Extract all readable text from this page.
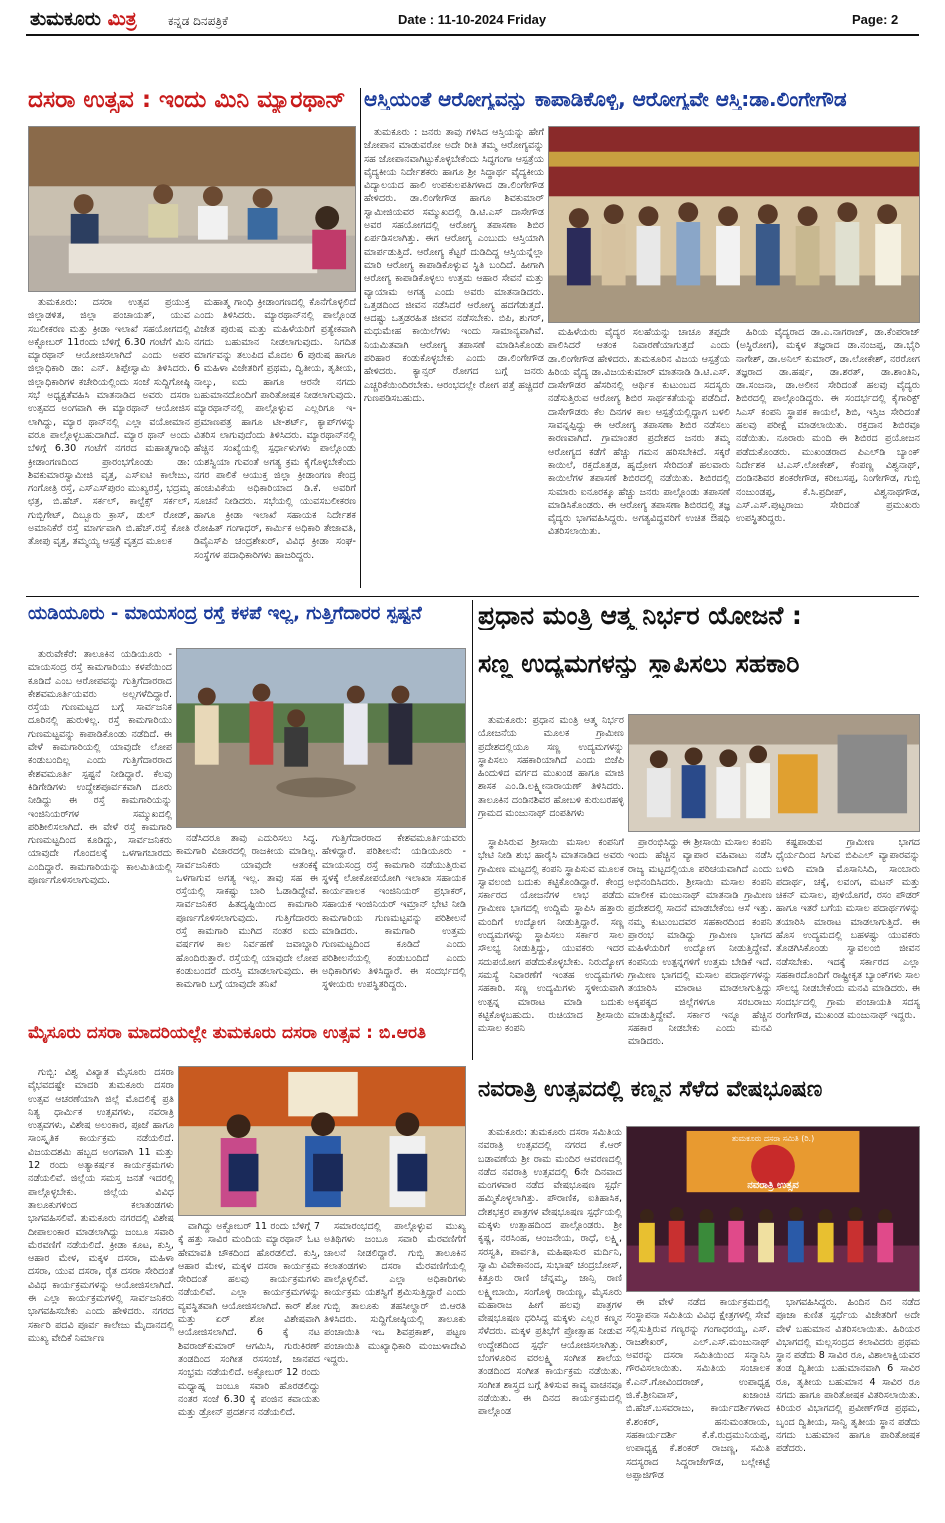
ತುಮಕೂರು ಮಿತ್ರ	ಕನ್ನಡ ದಿನಪತ್ರಿಕೆ	Date : 11-10-2024 Friday	Page: 2
ದಸರಾ ಉತ್ಸವ : ಇಂದು ಮಿನಿ ಮ್ಯಾರಥಾನ್

ತುಮಕೂರು: ದಸರಾ ಉತ್ಸವ ಪ್ರಯುಕ್ತ ಜಿಲ್ಲಾಡಳಿತ, ಜಿಲ್ಲಾ ಪಂಚಾಯತ್, ಯುವ ಸಬಲೀಕರಣ ಮತ್ತು ಕ್ರೀಡಾ ಇಲಾಖೆ ಸಹಯೋಗದಲ್ಲಿ ಅಕ್ಟೋಬರ್ 11ರಂದು ಬೆಳಿಗ್ಗೆ 6.30 ಗಂಟೆಗೆ ಮಿನಿ ಮ್ಯಾರಥಾನ್ ಆಯೋಜಿಸಲಾಗಿದೆ ಎಂದು ಅಪರ ಜಿಲ್ಲಾಧಿಕಾರಿ ಡಾ: ಎನ್. ತಿಪ್ಪೇಸ್ವಾಮಿ ತಿಳಿಸಿದರು. ಜಿಲ್ಲಾಧಿಕಾರಿಗಳ ಕಚೇರಿಯಲ್ಲಿಂದು ಸಂಜೆ ಸುದ್ದಿಗೋಷ್ಠಿ ಸಭೆ ಅಧ್ಯಕ್ಷತೆವಹಿಸಿ ಮಾತನಾಡಿದ ಅವರು ದಸರಾ ಉತ್ಸವದ ಅಂಗವಾಗಿ ಈ ಮ್ಯಾರಥಾನ್ ಆಯೋಜಿಸ ಲಾಗಿದ್ದು, ಮ್ಯಾರ ಥಾನ್‌ನಲ್ಲಿ ಎಲ್ಲಾ ವಯೋಮಾನ ವರೂ ಪಾಲ್ಗೊಳ್ಳಬಹುದಾಗಿದೆ. ಮ್ಯಾರ ಥಾನ್ ಅಂದು ಬೆಳಿಗ್ಗೆ 6.30 ಗಂಟೆಗೆ ನಗರದ ಮಹಾತ್ಮಗಾಂಧಿ ಕ್ರೀಡಾಂಗಣದಿಂದ ಪ್ರಾರಂಭಗೊಂಡು ಡಾ: ಶಿವಕುಮಾರಸ್ವಾಮೀಜಿ ವೃತ್ತ, ಎಸ್‌ಐಟಿ ಕಾಲೇಜು, ಗಂಗೋತ್ರಿ ರಸ್ತೆ, ಎಸ್‌ಎಸ್‌ಪುರಂ ಮುಖ್ಯರಸ್ತೆ, ಭದ್ರಮ್ಮ ಛತ್ರ, ಬಿ.ಹೆಚ್. ಸರ್ಕಲ್, ಕಾಲ್ಟೆಕ್ಸ್ ಸರ್ಕಲ್, ಗುಬ್ಬಿಗೇಟ್, ದಿಬ್ಬೂರು ಕ್ರಾಸ್, ಡುಲ್ ರೋಡ್, ಅಮಾನಿಕೆರೆ ರಸ್ತೆ ಮಾರ್ಗವಾಗಿ ಬಿ.ಹೆಚ್.ರಸ್ತೆ ಕೋತಿ ತೋಪು ವೃತ್ತ, ತಮ್ಮಯ್ಯ ಆಸ್ಪತ್ರೆ ವೃತ್ತದ ಮೂಲಕ

ಮಹಾತ್ಮ ಗಾಂಧಿ ಕ್ರೀಡಾಂಗಣದಲ್ಲಿ ಕೊನೆಗೊಳ್ಳಲಿದೆ ಎಂದು ತಿಳಿಸಿದರು. ಮ್ಯಾರಥಾನ್‌ನಲ್ಲಿ ಪಾಲ್ಗೊಂಡ ವಿಜೇತ ಪುರುಷ ಮತ್ತು ಮಹಿಳೆಯರಿಗೆ ಪ್ರತ್ಯೇಕವಾಗಿ ನಗದು ಬಹುಮಾನ ನೀಡಲಾಗುವುದು. ನಿಗದಿತ ಮಾರ್ಗವನ್ನು ತಲುಪಿದ ಮೊದಲ 6 ಪುರುಷ ಹಾಗೂ 6 ಮಹಿಳಾ ವಿಜೇತರಿಗೆ ಪ್ರಥಮ, ದ್ವಿತೀಯ, ತೃತೀಯ, ನಾಲ್ಕು, ಐದು ಹಾಗೂ ಆರನೇ ನಗದು ಬಹುಮಾನದೊಂದಿಗೆ ಪಾರಿತೋಷಕ ನೀಡಲಾಗುವುದು. ಮ್ಯಾರಥಾನ್‌ನಲ್ಲಿ ಪಾಲ್ಗೊಳ್ಳುವ ಎಲ್ಲರಿಗೂ ಇ-ಪ್ರಮಾಣಪತ್ರ ಹಾಗೂ ಟೀ-ಶರ್ಟ್, ಕ್ಯಾಪ್‌ಗಳನ್ನು ವಿತರಿಸ ಲಾಗುವುದೆಂದು ತಿಳಿಸಿದರು. ಮ್ಯಾರಥಾನ್‌ನಲ್ಲಿ ಹೆಚ್ಚಿನ ಸಂಖ್ಯೆಯಲ್ಲಿ ಸ್ಪರ್ಧಾಳುಗಳು ಪಾಲ್ಗೊಂಡು ಯಶಸ್ವಿಯಾ ಗುವಂತೆ ಅಗತ್ಯ ಕ್ರಮ ಕೈಗೊಳ್ಳಬೇಕೆಂದು ನಗರ ಪಾಲಿಕೆ ಆಯುಕ್ತ ಜಿಲ್ಲಾ ಕ್ರೀಡಾಂಗಣ ಕೇಂದ್ರ ಹಂಚುವಿಕೆಯ ಅಧಿಕಾರಿಯಾದ ಡಿ.ಕೆ. ಅವರಿಗೆ ಸೂಚನೆ ನೀಡಿದರು. ಸಭೆಯಲ್ಲಿ ಯುವಸಬಲೀಕರಣ ಹಾಗೂ ಕ್ರೀಡಾ ಇಲಾಖೆ ಸಹಾಯಕ ನಿರ್ದೇಶಕ ರೋಹಿತ್ ಗಂಗಾಧರ್, ಕಾರ್ಮಿಕ ಅಧಿಕಾರಿ ತೇಜಾವತಿ, ಡಿವೈಎಸ್‌ಪಿ ಚಂದ್ರಶೇಖರ್, ವಿವಿಧ ಕ್ರೀಡಾ ಸಂಘ-ಸಂಸ್ಥೆಗಳ ಪದಾಧಿಕಾರಿಗಳು ಹಾಜರಿದ್ದರು.

ಆಸ್ತಿಯಂತೆ ಆರೋಗ್ಯವನ್ನು ಕಾಪಾಡಿಕೊಳ್ಳಿ, ಆರೋಗ್ಯವೇ ಆಸ್ತಿ:ಡಾ.ಲಿಂಗೇಗೌಡ

ತುಮಕೂರು : ಜನರು ತಾವು ಗಳಿಸಿದ ಆಸ್ತಿಯನ್ನು ಹೇಗೆ ಜೋಪಾನ ಮಾಡುವರೋ ಅದೇ ರೀತಿ ತಮ್ಮ ಆರೋಗ್ಯವನ್ನು ಸಹ ಜೋಪಾನವಾಗಿಟ್ಟುಕೊಳ್ಳಬೇಕೆಂದು ಸಿದ್ಧಗಂಗಾ ಆಸ್ಪತ್ರೆಯ ವೈದ್ಯಕೀಯ ನಿರ್ದೇಶಕರು ಹಾಗೂ ಶ್ರೀ ಸಿದ್ಧಾರ್ಥ ವೈದ್ಯಕೀಯ ವಿದ್ಯಾಲಯದ ಹಾಲಿ ಉಪಕುಲಪತಿಗಳಾದ ಡಾ.ಲಿಂಗೇಗೌಡ ಹೇಳಿದರು. ಡಾ.ಲಿಂಗೇಗೌಡ ಹಾಗೂ ಶಿವಕುಮಾರ್ ಸ್ವಾಮೀಜಿಯವರ ಸಮ್ಮುಖದಲ್ಲಿ ಡಿ.ಟಿ.ಎಸ್ ದಾಸೇಗೌಡ ಅವರ ಸಹಯೋಗದಲ್ಲಿ ಆರೋಗ್ಯ ತಪಾಸಣಾ ಶಿಬಿರ ಏರ್ಪಡಿಸಲಾಗಿತ್ತು. ಈಗ ಆರೋಗ್ಯ ಎಂಬುದು ಆಸ್ತಿಯಾಗಿ ಮಾರ್ಪಡುತ್ತಿದೆ. ಆರೋಗ್ಯ ಕೆಟ್ಟರೆ ದುಡಿದಿದ್ದ ಆಸ್ತಿಯನ್ನೆಲ್ಲಾ ಮಾರಿ ಆರೋಗ್ಯ ಕಾಪಾಡಿಕೊಳ್ಳುವ ಸ್ಥಿತಿ ಬಂದಿದೆ. ಹೀಗಾಗಿ ಆರೋಗ್ಯ ಕಾಪಾಡಿಕೊಳ್ಳಲು ಉತ್ತಮ ಆಹಾರ ಸೇವನೆ ಮತ್ತು ವ್ಯಾಯಾಮ ಅಗತ್ಯ ಎಂದು ಅವರು ಮಾತನಾಡಿದರು. ಒತ್ತಡದಿಂದ ಜೀವನ ನಡೆಸಿದರೆ ಆರೋಗ್ಯ ಹದಗೆಡುತ್ತದೆ. ಆದಷ್ಟು ಒತ್ತಡರಹಿತ ಜೀವನ ನಡೆಸಬೇಕು. ಬಿಪಿ, ಶುಗರ್, ಮಧುಮೇಹ ಕಾಯಿಲೆಗಳು ಇಂದು ಸಾಮಾನ್ಯವಾಗಿವೆ. ನಿಯಮಿತವಾಗಿ ಆರೋಗ್ಯ ತಪಾಸಣೆ ಮಾಡಿಸಿಕೊಂಡು ಪರಿಹಾರ ಕಂಡುಕೊಳ್ಳಬೇಕು ಎಂದು ಡಾ.ಲಿಂಗೇಗೌಡ ಹೇಳಿದರು. ಕ್ಯಾನ್ಸರ್ ರೋಗದ ಬಗ್ಗೆ ಜನರು ಎಚ್ಚರಿಕೆಯಿಂದಿರಬೇಕು. ಆರಂಭದಲ್ಲೇ ರೋಗ ಪತ್ತೆ ಹಚ್ಚಿದರೆ ಗುಣಪಡಿಸಬಹುದು.

ಮಹಿಳೆಯರು ವೈದ್ಯರ ಸಲಹೆಯನ್ನು ಚಾಚೂ ತಪ್ಪದೇ ಪಾಲಿಸಿದರೆ ಆತಂಕ ನಿವಾರಣೆಯಾಗುತ್ತದೆ ಎಂದು ಡಾ.ಲಿಂಗೇಗೌಡ ಹೇಳಿದರು. ತುಮಕೂರಿನ ವಿಜಯ ಆಸ್ಪತ್ರೆಯ ಹಿರಿಯ ವೈದ್ಯ ಡಾ.ವಿಜಯಕುಮಾರ್ ಮಾತನಾಡಿ ಡಿ.ಟಿ.ಎಸ್. ದಾಸೇಗೌಡರ ಹೆಸರಿನಲ್ಲಿ ಆರ್ಥಿಕ ಕುಟುಂಬದ ಸದಸ್ಯರು ನಡೆಸುತ್ತಿರುವ ಆರೋಗ್ಯ ಶಿಬಿರ ಸಾರ್ಥಕತೆಯನ್ನು ಪಡೆದಿದೆ. ದಾಸೇಗೌಡರು ಕೆಲ ದಿನಗಳ ಕಾಲ ಆಸ್ಪತ್ರೆಯಲ್ಲಿದ್ದಾಗ ಬಳಲಿ ಸಾವನ್ನಪ್ಪಿದ್ದು ಈ ಆರೋಗ್ಯ ತಪಾಸಣಾ ಶಿಬಿರ ನಡೆಸಲು ಕಾರಣವಾಗಿದೆ. ಗ್ರಾಮಾಂತರ ಪ್ರದೇಶದ ಜನರು ತಮ್ಮ ಆರೋಗ್ಯದ ಕಡೆಗೆ ಹೆಚ್ಚು ಗಮನ ಹರಿಸಬೇಕಿದೆ. ಸಕ್ಕರೆ ಕಾಯಿಲೆ, ರಕ್ತದೊತ್ತಡ, ಹೃದ್ರೋಗ ಸೇರಿದಂತೆ ಹಲವಾರು ಕಾಯಿಲೆಗಳ ತಪಾಸಣೆ ಶಿಬಿರದಲ್ಲಿ ನಡೆಯಿತು. ಶಿಬಿರದಲ್ಲಿ ಸುಮಾರು ಐನೂರಕ್ಕೂ ಹೆಚ್ಚು ಜನರು ಪಾಲ್ಗೊಂಡು ತಪಾಸಣೆ ಮಾಡಿಸಿಕೊಂಡರು. ಈ ಆರೋಗ್ಯ ತಪಾಸಣಾ ಶಿಬಿರದಲ್ಲಿ ತಜ್ಞ ವೈದ್ಯರು ಭಾಗವಹಿಸಿದ್ದರು. ಅಗತ್ಯವಿದ್ದವರಿಗೆ ಉಚಿತ ಔಷಧಿ ವಿತರಿಸಲಾಯಿತು.

ಹಿರಿಯ ವೈದ್ಯರಾದ ಡಾ.ಎ.ನಾಗರಾಜ್, ಡಾ.ಕೆಂಪರಾಜ್ (ಅಸ್ಥಿರೋಗ), ಮಕ್ಕಳ ತಜ್ಞರಾದ ಡಾ.ನಂಜಪ್ಪ, ಡಾ.ಭೈರಿ ನಾಗೇಶ್, ಡಾ.ಅನಿಲ್ ಕುಮಾರ್, ಡಾ.ಲೋಕೇಶ್, ನರರೋಗ ತಜ್ಞರಾದ ಡಾ.ಹರ್ಷ, ಡಾ.ಶರತ್, ಡಾ.ಶಾಂತಿನಿ, ಡಾ.ಸಂಜನಾ, ಡಾ.ಅಲೀನ ಸೇರಿದಂತೆ ಹಲವು ವೈದ್ಯರು ಶಿಬಿರದಲ್ಲಿ ಪಾಲ್ಗೊಂಡಿದ್ದರು. ಈ ಸಂದರ್ಭದಲ್ಲಿ ಕೈಗಾರಿಕ್ಟ್ ಸಿಎಸ್‌ ಕಂಪನಿ ಸ್ಥಾಪಕ ಕಾಯಲೆ, ಶಿಬಿ, ಇಸ್ತಿಜ ಸೇರಿದಂತೆ ಹಲವು ಪರೀಕ್ಷೆ ಮಾಡಲಾಯಿತು. ರಕ್ತದಾನ ಶಿಬಿರವೂ ನಡೆಯಿತು. ನೂರಾರು ಮಂದಿ ಈ ಶಿಬಿರದ ಪ್ರಯೋಜನ ಪಡೆದುಕೊಂಡರು. ಮುಖಂಡರಾದ ಪಿಎಲ್‌ಡಿ ಬ್ಯಾಂಕ್ ನಿರ್ದೇಶಕ ಟಿ.ಎಸ್.ಲೋಕೇಶ್, ಕೆಂಪಣ್ಣ ವಿಶ್ವನಾಥ್, ದಂಡಿನಶಿವರ ಶಂಕರೇಗೌಡ, ಕರೀಬಸಪ್ಪ, ನಿಂಗೇಗೌಡ, ಗುಬ್ಬಿ ನಂಜುಂಡಪ್ಪ, ಕೆ.ಸಿ.ಪ್ರದೀಪ್, ವಿಶ್ವನಾಥಗೌಡ, ಎಸ್.ಎಸ್.ಪುಟ್ಟರಾಜು ಸೇರಿದಂತೆ ಪ್ರಮುಖರು ಉಪಸ್ಥಿತರಿದ್ದರು.

ಯಡಿಯೂರು - ಮಾಯಸಂದ್ರ ರಸ್ತೆ ಕಳಪೆ ಇಲ್ಲ, ಗುತ್ತಿಗೆದಾರರ ಸ್ಪಷ್ಟನೆ

ತುರುವೇಕೆರೆ: ತಾಲೂಕಿನ ಯಡಿಯೂರು - ಮಾಯಸಂದ್ರ ರಸ್ತೆ ಕಾಮಗಾರಿಯು ಕಳಪೆಯಿಂದ ಕೂಡಿದೆ ಎಂಬ ಆರೋಪವನ್ನು ಗುತ್ತಿಗೆದಾರರಾದ ಕೇಶವಮೂರ್ತಿಯವರು ಅಲ್ಲಗಳೆದಿದ್ದಾರೆ. ರಸ್ತೆಯ ಗುಣಮಟ್ಟದ ಬಗ್ಗೆ ಸಾರ್ವಜನಿಕ ದೂರಿನಲ್ಲಿ ಹುರುಳಿಲ್ಲ. ರಸ್ತೆ ಕಾಮಗಾರಿಯು ಗುಣಮಟ್ಟವನ್ನು ಕಾಪಾಡಿಕೊಂಡು ನಡೆದಿದೆ. ಈ ವೇಳೆ ಕಾಮಗಾರಿಯಲ್ಲಿ ಯಾವುದೇ ಲೋಪ ಕಂಡುಬಂದಿಲ್ಲ ಎಂದು ಗುತ್ತಿಗೆದಾರರಾದ ಕೇಶವಮೂರ್ತಿ ಸ್ಪಷ್ಟನೆ ನೀಡಿದ್ದಾರೆ. ಕೆಲವು ಕಿಡಿಗೇಡಿಗಳು ಉದ್ದೇಶಪೂರ್ವಕವಾಗಿ ದೂರು ನೀಡಿದ್ದು ಈ ರಸ್ತೆ ಕಾಮಗಾರಿಯನ್ನು ಇಂಜಿನಿಯರ್‌ಗಳ ಸಮ್ಮುಖದಲ್ಲಿ ಪರಿಶೀಲಿಸಲಾಗಿದೆ. ಈ ವೇಳೆ ರಸ್ತೆ ಕಾಮಗಾರಿ ಗುಣಮಟ್ಟದಿಂದ ಕೂಡಿದ್ದು, ಸಾರ್ವಜನಿಕರು ಯಾವುದೇ ಗೊಂದಲಕ್ಕೆ ಒಳಗಾಗಬಾರದು ಎಂದಿದ್ದಾರೆ. ಕಾಮಗಾರಿಯನ್ನು ಕಾಲಮಿತಿಯಲ್ಲಿ ಪೂರ್ಣಗೊಳಿಸಲಾಗುವುದು.

ನಡೆಸಿದರೂ ತಾವು ಎದುರಿಸಲು ಸಿದ್ಧ. ಕಾಮಗಾರಿ ವಿಚಾರದಲ್ಲಿ ರಾಜಕೀಯ ಮಾಡಿಲ್ಲ. ಸಾರ್ವಜನಿಕರು ಯಾವುದೇ ಆತಂಕಕ್ಕೆ ಒಳಗಾಗುವ ಅಗತ್ಯ ಇಲ್ಲ. ತಾವು ಸಹ ಈ ರಸ್ತೆಯಲ್ಲಿ ಸಾಕಷ್ಟು ಬಾರಿ ಓಡಾಡಿದ್ದೇವೆ. ಸಾರ್ವಜನಿಕರ ಹಿತದೃಷ್ಟಿಯಿಂದ ಕಾಮಗಾರಿ ಪೂರ್ಣಗೊಳಿಸಲಾಗುವುದು. ಗುತ್ತಿಗೆದಾರರು ರಸ್ತೆ ಕಾಮಗಾರಿ ಮುಗಿದ ನಂತರ ಐದು ವರ್ಷಗಳ ಕಾಲ ನಿರ್ವಹಣೆ ಜವಾಬ್ದಾರಿ ಹೊಂದಿರುತ್ತಾರೆ. ರಸ್ತೆಯಲ್ಲಿ ಯಾವುದೇ ಲೋಪ ಕಂಡುಬಂದರೆ ದುರಸ್ತಿ ಮಾಡಲಾಗುವುದು. ಈ ಕಾಮಗಾರಿ ಬಗ್ಗೆ ಯಾವುದೇ ತನಿಖೆ

ಗುತ್ತಿಗೆದಾರರಾದ ಕೇಶವಮೂರ್ತಿಯವರು ಹೇಳಿದ್ದಾರೆ. ಪರಿಶೀಲನೆ: ಯಡಿಯೂರು - ಮಾಯಸಂದ್ರ ರಸ್ತೆ ಕಾಮಗಾರಿ ನಡೆಯುತ್ತಿರುವ ಸ್ಥಳಕ್ಕೆ ಲೋಕೋಪಯೋಗಿ ಇಲಾಖಾ ಸಹಾಯಕ ಕಾರ್ಯಪಾಲಕ ಇಂಜಿನಿಯರ್ ಪ್ರಭಾಕರ್, ಸಹಾಯಕ ಇಂಜಿನಿಯರ್ ಇಮ್ರಾನ್ ಭೇಟಿ ನೀಡಿ ಕಾಮಗಾರಿಯ ಗುಣಮಟ್ಟವನ್ನು ಪರಿಶೀಲನೆ ಮಾಡಿದರು. ಕಾಮಗಾರಿ ಉತ್ತಮ ಗುಣಮಟ್ಟದಿಂದ ಕೂಡಿದೆ ಎಂದು ಪರಿಶೀಲನೆಯಲ್ಲಿ ಕಂಡುಬಂದಿದೆ ಎಂದು ಅಧಿಕಾರಿಗಳು ತಿಳಿಸಿದ್ದಾರೆ. ಈ ಸಂದರ್ಭದಲ್ಲಿ ಸ್ಥಳೀಯರು ಉಪಸ್ಥಿತರಿದ್ದರು.

ಪ್ರಧಾನ ಮಂತ್ರಿ ಆತ್ಮ ನಿರ್ಭರ ಯೋಜನೆ :
ಸಣ್ಣ ಉದ್ಯಮಗಳನ್ನು ಸ್ಥಾಪಿಸಲು ಸಹಕಾರಿ

ತುಮಕೂರು: ಪ್ರಧಾನ ಮಂತ್ರಿ ಆತ್ಮ ನಿರ್ಭರ ಯೋಜನೆಯ ಮೂಲಕ ಗ್ರಾಮೀಣ ಪ್ರದೇಶದಲ್ಲಿಯೂ ಸಣ್ಣ ಉದ್ಯಮಗಳನ್ನು ಸ್ಥಾಪಿಸಲು ಸಹಕಾರಿಯಾಗಿದೆ ಎಂದು ಬಿಜೆಪಿ ಹಿಂದುಳಿದ ವರ್ಗದ ಮುಖಂಡ ಹಾಗೂ ಮಾಜಿ ಶಾಸಕ ಎಂ.ಡಿ.ಲಕ್ಷ್ಮೀನಾರಾಯಣ್ ತಿಳಿಸಿದರು. ತಾಲೂಕಿನ ದಂಡಿನಶಿವರ ಹೋಬಳಿ ಕುರುಬರಹಳ್ಳಿ ಗ್ರಾಮದ ಮಂಜುನಾಥ್ ದಂಪತಿಗಳು

ಸ್ಥಾಪಿಸಿರುವ ಶ್ರೀಸಾಯಿ ಮಸಾಲ ಕಂಪನಿಗೆ ಭೇಟಿ ನೀಡಿ ಶುಭ ಹಾರೈಸಿ ಮಾತನಾಡಿದ ಅವರು ಗ್ರಾಮೀಣ ಮಟ್ಟದಲ್ಲಿ ಕಂಪನಿ ಸ್ಥಾಪಿಸುವ ಮೂಲಕ ಸ್ವಾವಲಂಬಿ ಬದುಕು ಕಟ್ಟಿಕೊಂಡಿದ್ದಾರೆ. ಕೇಂದ್ರ ಸರ್ಕಾರದ ಯೋಜನೆಗಳ ಲಾಭ ಪಡೆದು ಗ್ರಾಮೀಣ ಭಾಗದಲ್ಲಿ ಉದ್ದಿಮೆ ಸ್ಥಾಪಿಸಿ ಹತ್ತಾರು ಮಂದಿಗೆ ಉದ್ಯೋಗ ನೀಡುತ್ತಿದ್ದಾರೆ. ಸಣ್ಣ ಉದ್ಯಮಗಳನ್ನು ಸ್ಥಾಪಿಸಲು ಸರ್ಕಾರ ಸಾಲ ಸೌಲಭ್ಯ ನೀಡುತ್ತಿದ್ದು, ಯುವಕರು ಇದರ ಸದುಪಯೋಗ ಪಡೆದುಕೊಳ್ಳಬೇಕು. ನಿರುದ್ಯೋಗ ಸಮಸ್ಯೆ ನಿವಾರಣೆಗೆ ಇಂತಹ ಉದ್ಯಮಗಳು ಸಹಕಾರಿ. ಸಣ್ಣ ಉದ್ಯಮಿಗಳು ಸ್ಥಳೀಯವಾಗಿ ಉತ್ಪನ್ನ ಮಾರಾಟ ಮಾಡಿ ಬದುಕು ಕಟ್ಟಿಕೊಳ್ಳಬಹುದು. ರುಚಿಯಾದ ಶ್ರೀಸಾಯಿ ಮಸಾಲ ಕಂಪನಿ

ಪ್ರಾರಂಭಿಸಿದ್ದು ಈ ಶ್ರೀಸಾಯಿ ಮಸಾಲ ಕಂಪನಿ ಇಂದು ಹೆಚ್ಚಿನ ವ್ಯಾಪಾರ ವಹಿವಾಟು ನಡೆಸಿ ರಾಜ್ಯ ಮಟ್ಟದಲ್ಲಿಯೂ ಪರಿಚಯವಾಗಿದೆ ಎಂದು ಅಭಿನಂದಿಸಿದರು. ಶ್ರೀಸಾಯಿ ಮಸಾಲ ಕಂಪನಿ ಮಾಲೀಕ ಮಂಜುನಾಥ್ ಮಾತನಾಡಿ ಗ್ರಾಮೀಣ ಪ್ರದೇಶದಲ್ಲಿ ಸಾದನೆ ಮಾಡಬೇಕೆಂಬ ಆಸೆ ಇತ್ತು. ನಮ್ಮ ಕುಟುಂಬದವರ ಸಹಕಾರದಿಂದ ಕಂಪನಿ ಪ್ರಾರಂಭ ಮಾಡಿದ್ದು ಗ್ರಾಮೀಣ ಭಾಗದ ಮಹಿಳೆಯರಿಗೆ ಉದ್ಯೋಗ ನೀಡುತ್ತಿದ್ದೇವೆ. ಕಂಪನಿಯ ಉತ್ಪನ್ನಗಳಿಗೆ ಉತ್ತಮ ಬೇಡಿಕೆ ಇದೆ. ಗ್ರಾಮೀಣ ಭಾಗದಲ್ಲಿ ಮಸಾಲ ಪದಾರ್ಥಗಳನ್ನು ತಯಾರಿಸಿ ಮಾರಾಟ ಮಾಡಲಾಗುತ್ತಿದ್ದು ಅಕ್ಕಪಕ್ಕದ ಜಿಲ್ಲೆಗಳಿಗೂ ಸರಬರಾಜು ಮಾಡುತ್ತಿದ್ದೇವೆ. ಸರ್ಕಾರ ಇನ್ನೂ ಹೆಚ್ಚಿನ ಸಹಕಾರ ನೀಡಬೇಕು ಎಂದು ಮನವಿ ಮಾಡಿದರು.

ಕಷ್ಟಪಾಡುವ ಗ್ರಾಮೀಣ ಭಾಗದ ಧೈರ್ಯದಿಂದ ಸಿಗುವ ಬಿಪಿಎಲ್ ವ್ಯಾಪಾರವನ್ನು ಬಳಿದಿ ಮಾಡಿ ಮೊಸಾನಿಸಿದಿ, ಸಾಂಬಾರು ಪದಾರ್ಥ, ಚಕ್ಕೆ, ಲವಂಗ, ಮಟನ್ ಮತ್ತು ಚಿಕನ್ ಮಸಾಲ, ಪುಳಿಯೊಗರೆ, ರಸಂ ಪೌಡರ್ ಹಾಗೂ ಇತರೆ ಬಗೆಯ ಮಸಾಲ ಪದಾರ್ಥಗಳನ್ನು ತಯಾರಿಸಿ ಮಾರಾಟ ಮಾಡಲಾಗುತ್ತಿದೆ. ಈ ಹೊಸ ಉದ್ಯಮದಲ್ಲಿ ಬಹಳಷ್ಟು ಯುವಕರು ತೊಡಗಿಸಿಕೊಂಡು ಸ್ವಾವಲಂಬಿ ಜೀವನ ನಡೆಸಬೇಕು. ಇದಕ್ಕೆ ಸರ್ಕಾರದ ಎಲ್ಲಾ ಸಹಕಾರದೊಂದಿಗೆ ರಾಷ್ಟ್ರೀಕೃತ ಬ್ಯಾಂಕ್‌ಗಳು ಸಾಲ ಸೌಲಭ್ಯ ನೀಡಬೇಕೆಂದು ಮನವಿ ಮಾಡಿದರು. ಈ ಸಂದರ್ಭದಲ್ಲಿ ಗ್ರಾಮ ಪಂಚಾಯತಿ ಸದಸ್ಯ ರಂಗೇಗೌಡ, ಮುಖಂಡ ಮಂಜುನಾಥ್ ಇದ್ದರು.

ಮೈಸೂರು ದಸರಾ ಮಾದರಿಯಲ್ಲೇ ತುಮಕೂರು ದಸರಾ ಉತ್ಸವ : ಬಿ.ಆರತಿ

ಗುಬ್ಬಿ: ವಿಶ್ವ ವಿಖ್ಯಾತ ಮೈಸೂರು ದಸರಾ ವೈಭವದಷ್ಟೇ ಮಾದರಿ ತುಮಕೂರು ದಸರಾ ಉತ್ಸವ ಆಚರಣೆಯಾಗಿ ಜಿಲ್ಲೆ ಮೊದಲಿಕ್ಕೆ ಪ್ರತಿ ನಿತ್ಯ ಧಾರ್ಮಿಕ ಉತ್ಸವಗಳು, ನವರಾತ್ರಿ ಉತ್ಸವಗಳು, ವಿಶೇಷ ಅಲಂಕಾರ, ಪೂಜೆ ಹಾಗೂ ಸಾಂಸ್ಕೃತಿಕ ಕಾರ್ಯಕ್ರಮ ನಡೆಯಲಿದೆ. ವಿಜಯದಶಮಿ ಹಬ್ಬದ ಅಂಗವಾಗಿ 11 ಮತ್ತು 12 ರಂದು ಅತ್ಯಾಕರ್ಷಕ ಕಾರ್ಯಕ್ರಮಗಳು ನಡೆಯಲಿವೆ. ಜಿಲ್ಲೆಯ ಸಮಸ್ತ ಜನತೆ ಇದರಲ್ಲಿ ಪಾಲ್ಗೊಳ್ಳಬೇಕು. ಜಿಲ್ಲೆಯ ವಿವಿಧ ತಾಲೂಕುಗಳಿಂದ ಕಲಾತಂಡಗಳು ಭಾಗವಹಿಸಲಿವೆ. ತುಮಕೂರು ನಗರದಲ್ಲಿ ವಿಶೇಷ ದೀಪಾಲಂಕಾರ ಮಾಡಲಾಗಿದ್ದು ಜಂಬೂ ಸವಾರಿ ಮೆರವಣಿಗೆ ನಡೆಯಲಿದೆ. ಕ್ರೀಡಾ ಕೂಟ, ಕುಸ್ತಿ, ಆಹಾರ ಮೇಳ, ಮಕ್ಕಳ ದಸರಾ, ಮಹಿಳಾ ದಸರಾ, ಯುವ ದಸರಾ, ರೈತ ದಸರಾ ಸೇರಿದಂತೆ ವಿವಿಧ ಕಾರ್ಯಕ್ರಮಗಳನ್ನು ಆಯೋಜಿಸಲಾಗಿದೆ. ಈ ಎಲ್ಲಾ ಕಾರ್ಯಕ್ರಮಗಳಲ್ಲಿ ಸಾರ್ವಜನಿಕರು ಭಾಗವಹಿಸಬೇಕು ಎಂದು ಹೇಳಿದರು. ನಗರದ ಸರ್ಕಾರಿ ಪದವಿ ಪೂರ್ವ ಕಾಲೇಜು ಮೈದಾನದಲ್ಲಿ ಮುಖ್ಯ ವೇದಿಕೆ ನಿರ್ಮಾಣ

ವಾಗಿದ್ದು ಅಕ್ಟೋಬರ್ 11 ರಂದು ಬೆಳಿಗ್ಗೆ 7 ಕ್ಕೆ ಹತ್ತು ಸಾವಿರ ಮಂದಿಯ ಮ್ಯಾರಥಾನ್ ಓಟ ಹೇಮಾವತಿ ಚೌಕದಿಂದ ಹೊರಡಲಿದೆ. ಕುಸ್ತಿ, ಆಹಾರ ಮೇಳ, ಮಕ್ಕಳ ದಸರಾ ಕಾರ್ಯಕ್ರಮ ಸೇರಿದಂತೆ ಹಲವು ಕಾರ್ಯಕ್ರಮಗಳು ನಡೆಯಲಿವೆ. ಎಲ್ಲಾ ಕಾರ್ಯಕ್ರಮಗಳನ್ನು ವ್ಯವಸ್ಥಿತವಾಗಿ ಆಯೋಜಿಸಲಾಗಿದೆ. ಕಾರ್ ಶೋ ಮತ್ತು ಏರ್ ಶೋ ವಿಶೇಷವಾಗಿ ಆಯೋಜಿಸಲಾಗಿದೆ. 6 ಕ್ಕೆ ನಟ ಶಿವರಾಜ್‌ಕುಮಾರ್ ಆಗಮಿಸಿ, ಗುರುಕಿರಣ್ ತಂಡದಿಂದ ಸಂಗೀತ ರಸಸಂಜೆ, ಜಾನಪದ ಸಂಭ್ರಮ ನಡೆಯಲಿದೆ. ಅಕ್ಟೋಬರ್ 12 ರಂದು ಮಧ್ಯಾಹ್ನ ಜಂಬೂ ಸವಾರಿ ಹೊರಡಲಿದ್ದು ನಂತರ ಸಂಜೆ 6.30 ಕ್ಕೆ ಪಂಜಿನ ಕವಾಯತು ಮತ್ತು ಡ್ರೋನ್ ಪ್ರದರ್ಶನ ನಡೆಯಲಿದೆ.

ಸಮಾರಂಭದಲ್ಲಿ ಪಾಲ್ಗೊಳ್ಳುವ ಮುಖ್ಯ ಅತಿಥಿಗಳು ಜಂಬೂ ಸವಾರಿ ಮೆರವಣಿಗೆಗೆ ಚಾಲನೆ ನೀಡಲಿದ್ದಾರೆ. ಗುಬ್ಬಿ ತಾಲೂಕಿನ ಕಲಾತಂಡಗಳು ದಸರಾ ಮೆರವಣಿಗೆಯಲ್ಲಿ ಪಾಲ್ಗೊಳ್ಳಲಿವೆ. ಎಲ್ಲಾ ಅಧಿಕಾರಿಗಳು ಕಾರ್ಯಕ್ರಮ ಯಶಸ್ವಿಗೆ ಶ್ರಮಿಸುತ್ತಿದ್ದಾರೆ ಎಂದು ಗುಬ್ಬಿ ತಾಲೂಕು ತಹಸೀಲ್ದಾರ್ ಬಿ.ಆರತಿ ತಿಳಿಸಿದರು. ಸುದ್ದಿಗೋಷ್ಠಿಯಲ್ಲಿ ತಾಲೂಕು ಪಂಚಾಯಿತಿ ಇಒ ಶಿವಪ್ರಕಾಶ್, ಪಟ್ಟಣ ಪಂಚಾಯಿತಿ ಮುಖ್ಯಾಧಿಕಾರಿ ಮಂಜುಳಾದೇವಿ ಇದ್ದರು.

ನವರಾತ್ರಿ ಉತ್ಸವದಲ್ಲಿ ಕಣ್ಮನ ಸೆಳೆದ ವೇಷಭೂಷಣ
ತುಮಕೂರು ದಸರಾ ಸಮಿತಿ (ರಿ.)
ನವರಾತ್ರಿ ಉತ್ಸವ

ತುಮಕೂರು: ತುಮಕೂರು ದಸರಾ ಸಮಿತಿಯ ನವರಾತ್ರಿ ಉತ್ಸವದಲ್ಲಿ ನಗರದ ಕೆ.ಆರ್ ಬಡಾವಣೆಯ ಶ್ರೀ ರಾಮ ಮಂದಿರ ಆವರಣದಲ್ಲಿ ನಡೆದ ನವರಾತ್ರಿ ಉತ್ಸವದಲ್ಲಿ 6ನೇ ದಿನವಾದ ಮಂಗಳವಾರ ನಡೆದ ವೇಷಭೂಷಣ ಸ್ಪರ್ಧೆ ಹಮ್ಮಿಕೊಳ್ಳಲಾಗಿತ್ತು. ಪೌರಾಣಿಕ, ಐತಿಹಾಸಿಕ, ದೇಶಭಕ್ತರ ಪಾತ್ರಗಳ ವೇಷಭೂಷಣ ಸ್ಪರ್ಧೆಯಲ್ಲಿ ಮಕ್ಕಳು ಉತ್ಸಾಹದಿಂದ ಪಾಲ್ಗೊಂಡರು. ಶ್ರೀ ಕೃಷ್ಣ, ನರಸಿಂಹ, ಆಂಜನೇಯ, ರಾಧೆ, ಲಕ್ಷ್ಮಿ, ಸರಸ್ವತಿ, ಪಾರ್ವತಿ, ಮಹಿಷಾಸುರ ಮರ್ದಿನಿ, ಸ್ವಾಮಿ ವಿವೇಕಾನಂದ, ಸುಭಾಷ್ ಚಂದ್ರಬೋಸ್, ಕಿತ್ತೂರು ರಾಣಿ ಚೆನ್ನಮ್ಮ, ಜಾನ್ಸಿ ರಾಣಿ ಲಕ್ಷ್ಮೀಬಾಯಿ, ಸಂಗೊಳ್ಳಿ ರಾಯಣ್ಣ, ಮೈಸೂರು ಮಹಾರಾಜ ಹೀಗೆ ಹಲವು ಪಾತ್ರಗಳ ವೇಷಭೂಷಣ ಧರಿಸಿದ್ದ ಮಕ್ಕಳು ಎಲ್ಲರ ಕಣ್ಮನ ಸೆಳೆದರು. ಮಕ್ಕಳ ಪ್ರತಿಭೆಗೆ ಪ್ರೋತ್ಸಾಹ ನೀಡುವ ಉದ್ದೇಶದಿಂದ ಸ್ಪರ್ಧೆ ಆಯೋಜಿಸಲಾಗಿತ್ತು. ಬೆಂಗಳೂರಿನ ವರಲಕ್ಷ್ಮಿ ಸಂಗೀತ ಶಾಲೆಯ ತಂಡದಿಂದ ಸಂಗೀತ ಕಾರ್ಯಕ್ರಮ ನಡೆಯಿತು. ಸಂಗೀತ ಶಾಸ್ತ್ರದ ಬಗ್ಗೆ ತಿಳಿಸುವ ಕಾವ್ಯ ವಾಚನವೂ ನಡೆಯಿತು. ಈ ದಿನದ ಕಾರ್ಯಕ್ರಮದಲ್ಲಿ ಪಾಲ್ಗೊಂಡ

ಈ ವೇಳೆ ನಡೆದ ಕಾರ್ಯಕ್ರಮದಲ್ಲಿ ಸಂಸ್ಥಾಪನಾ ಸಮಿತಿಯ ವಿವಿಧ ಕ್ಷೇತ್ರಗಳಲ್ಲಿ ಸೇವೆ ಸಲ್ಲಿಸುತ್ತಿರುವ ಗಣ್ಯರನ್ನು ಗಂಗಾಧರಯ್ಯ, ಎಸ್. ರಾಜಶೇಖರ್, ಎಲ್.ಎಸ್.ಮಂಜುನಾಥ್ ಅವರನ್ನು ದಸರಾ ಸಮಿತಿಯಿಂದ ಸನ್ಮಾನಿಸಿ ಗೌರವಿಸಲಾಯಿತು. ಸಮಿತಿಯ ಸಂಚಾಲಕ ಕೆ.ಎನ್.ಗೋವಿಂದರಾಜ್, ಉಪಾಧ್ಯಕ್ಷ ಜಿ.ಕೆ.ಶ್ರೀನಿವಾಸ್, ಖಜಾಂಚಿ ಬಿ.ಹೆಚ್.ಬಸವರಾಜು, ಕಾರ್ಯದರ್ಶಿಗಳಾದ ಕೆ.ಶಂಕರ್, ಹನುಮಂತರಾಯ, ಸಹಕಾರ್ಯದರ್ಶಿ ಕೆ.ಕೆ.ರುದ್ರಮುನಿಯಪ್ಪ, ಉಪಾಧ್ಯಕ್ಷ ಕೆ.ಶಂಕರ್ ರಾಜಣ್ಣ, ಸಮಿತಿ ಸದಸ್ಯರಾದ ಸಿದ್ದರಾಜೇಗೌಡ, ಬಲ್ಲೇಕಟ್ಟೆ ಅಪ್ಪಾಜಿಗೌಡ

ಭಾಗವಹಿಸಿದ್ದರು. ಹಿಂದಿನ ದಿನ ನಡೆದ ಪೂಜಾ ಕುಣಿತ ಸ್ಪರ್ಧೆಯ ವಿಜೇತರಿಗೆ ಅದೇ ವೇಳೆ ಬಹುಮಾನ ವಿತರಿಸಲಾಯಿತು. ಹಿರಿಯರ ವಿಭಾಗದಲ್ಲಿ ಮಲ್ಲಸಂದ್ರದ ಕಲಾವಿದರು ಪ್ರಥಮ ಸ್ಥಾನ ಪಡೆದು 8 ಸಾವಿರ ರೂ, ವಿಶಾಲಾಕ್ಷಿಯವರ ತಂಡ ದ್ವಿತೀಯ ಬಹುಮಾನವಾಗಿ 6 ಸಾವಿರ ರೂ, ತೃತೀಯ ಬಹುಮಾನ 4 ಸಾವಿರ ರೂ ನಗದು ಹಾಗೂ ಪಾರಿತೋಷಕ ವಿತರಿಸಲಾಯಿತು. ಕಿರಿಯರ ವಿಭಾಗದಲ್ಲಿ ಪ್ರವೀಣ್‌ಗೌಡ ಪ್ರಥಮ, ಬೃಂದ ದ್ವಿತೀಯ, ಸಾನ್ವಿ ತೃತೀಯ ಸ್ಥಾನ ಪಡೆದು ನಗದು ಬಹುಮಾನ ಹಾಗೂ ಪಾರಿತೋಷಕ ಪಡೆದರು.
